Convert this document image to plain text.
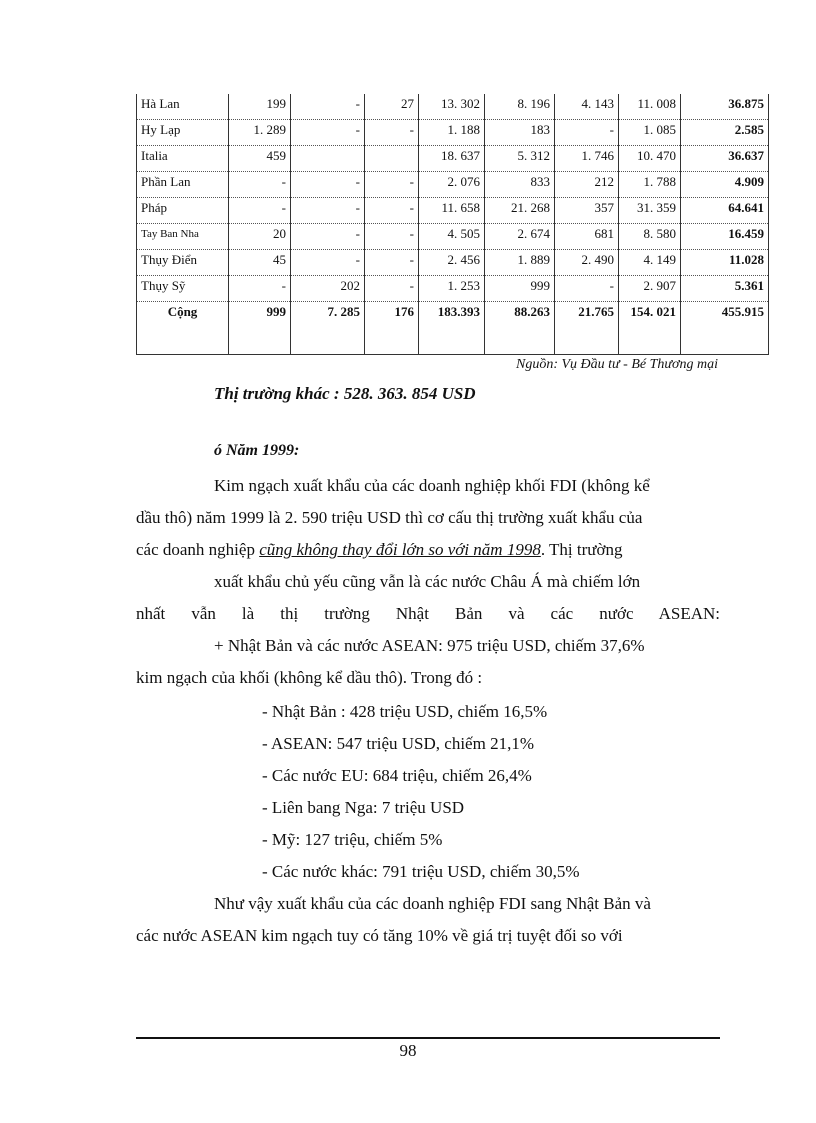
Hà Lan	199	-	27	13. 302	8. 196	4. 143	11. 008	36.875
Hy Lạp	1. 289	-	-	1. 188	183	-	1. 085	2.585
Italia	459			18. 637	5. 312	1. 746	10. 470	36.637
Phần Lan	-	-	-	2. 076	833	212	1. 788	4.909
Pháp	-	-	-	11. 658	21. 268	357	31. 359	64.641
Tay Ban Nha	20	-	-	4. 505	2. 674	681	8. 580	16.459
Thụy Điển	45	-	-	2. 456	1. 889	2. 490	4. 149	11.028
Thụy Sỹ	-	202	-	1. 253	999	-	2. 907	5.361
Cộng	999	7. 285	176	183.393	88.263	21.765	154. 021	455.915
Nguồn: Vụ Đầu tư - Bé Thương mại
Thị trường khác : 528. 363. 854 USD
ó Năm 1999:
Kim ngạch xuất khẩu của các doanh nghiệp khối FDI (không kể
dầu thô) năm 1999 là 2. 590 triệu USD thì cơ cấu thị trường xuất khẩu của
các doanh nghiệp cũng không thay đổi lớn so với năm 1998. Thị trường
xuất khẩu chủ yếu cũng vẫn là các nước Châu Á mà chiếm lớn
nhất vẫn là thị trường Nhật Bản và các nước ASEAN:
+ Nhật Bản và các nước ASEAN: 975 triệu USD, chiếm 37,6%
kim ngạch của khối (không kể dầu thô). Trong đó :
- Nhật Bản : 428 triệu USD, chiếm 16,5%
- ASEAN: 547 triệu USD, chiếm 21,1%
- Các nước EU: 684 triệu, chiếm 26,4%
- Liên bang Nga: 7 triệu USD
- Mỹ: 127 triệu, chiếm 5%
- Các nước khác: 791 triệu USD, chiếm 30,5%
Như vậy xuất khẩu của các doanh nghiệp FDI sang Nhật Bản và
các nước ASEAN kim ngạch tuy có tăng 10% về giá trị tuyệt đối so với
98
